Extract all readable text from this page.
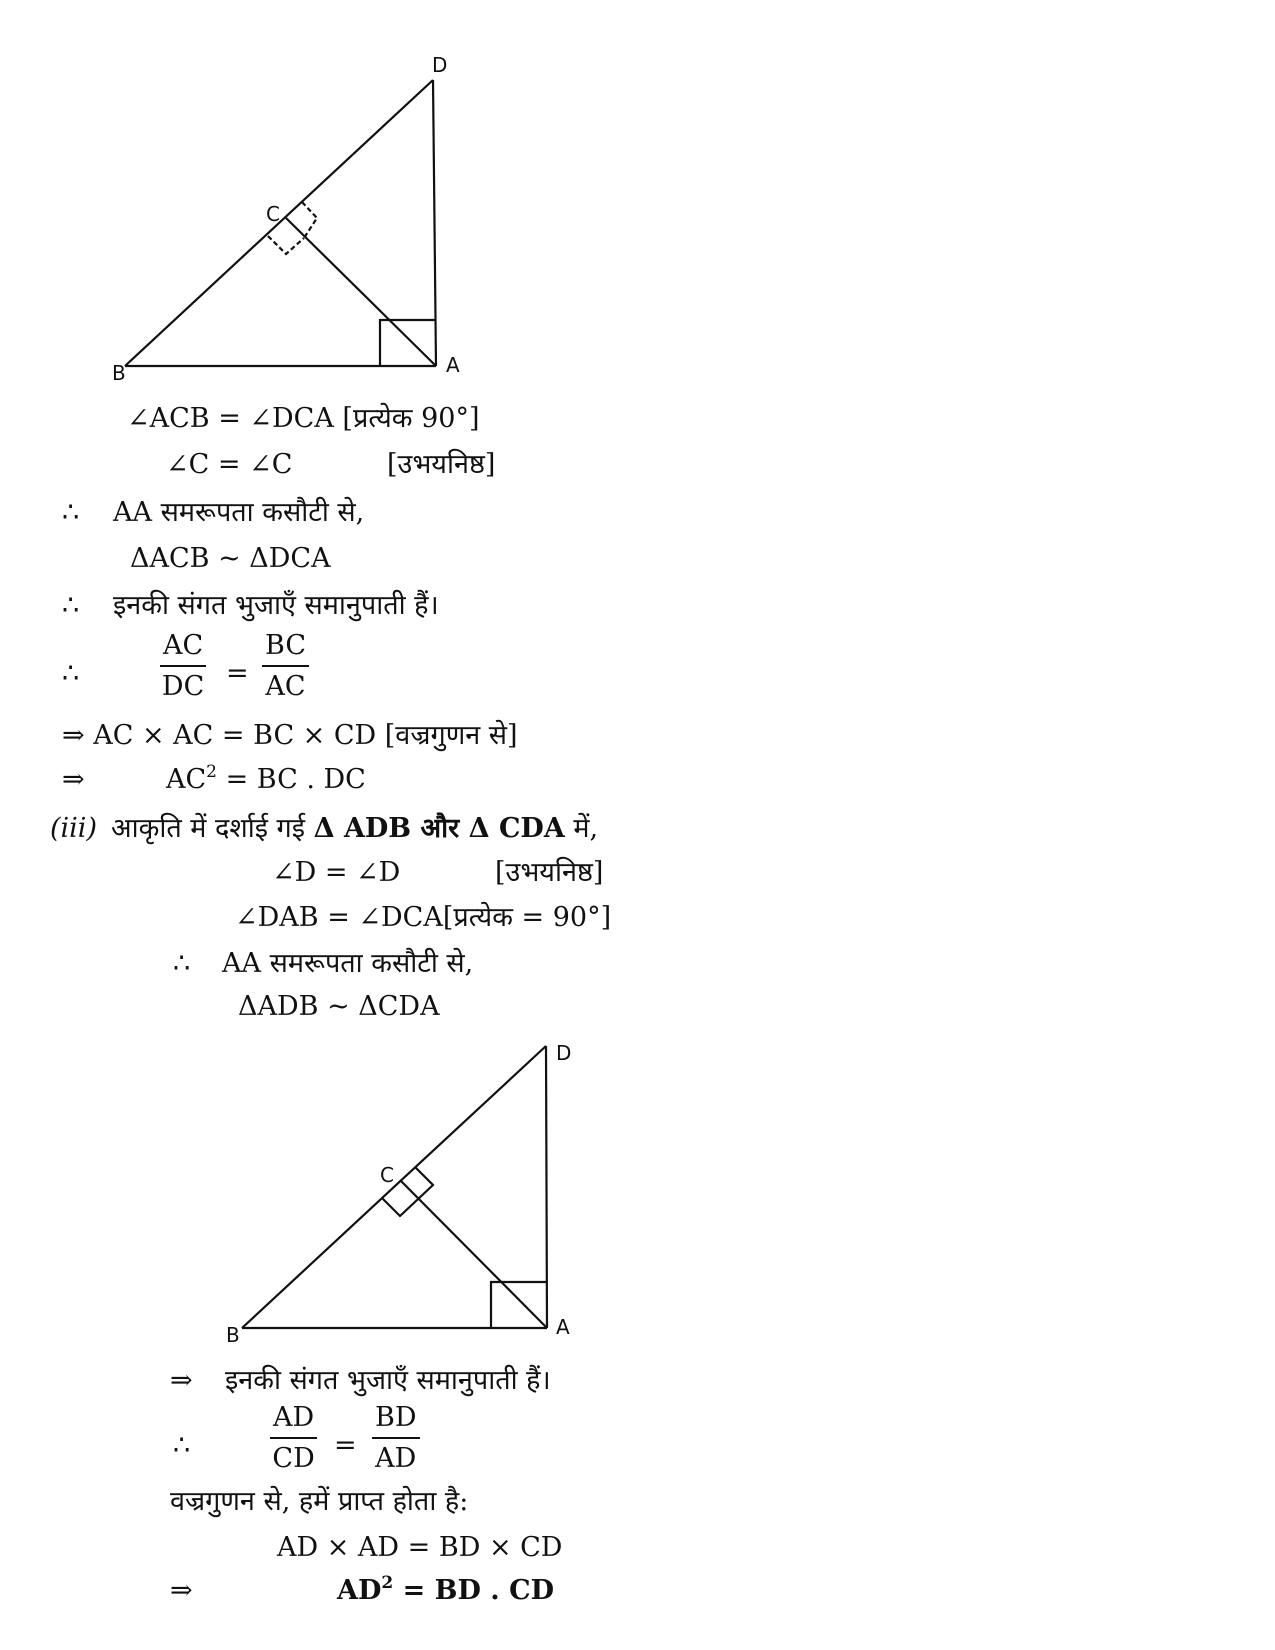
D
C
B	A
D
C
B	A
∠ACB = ∠DCA [प्रत्येक 90°]
∠C = ∠C	[उभयनिष्ठ]
∴ AA समरूपता कसौटी से,
ΔACB ~ ΔDCA
∴ इनकी संगत भुजाएँ समानुपाती हैं।
∴	$\frac{AC}{DC} = \frac{BC}{AC}$
⇒ AC × AC = BC × CD [वज्रगुणन से]
⇒	$AC^2$ = BC . DC
(iii) आकृति में दर्शाई गई Δ ADB और Δ CDA में,
∠D = ∠D	[उभयनिष्ठ]
∠DAB = ∠DCA[प्रत्येक = 90°]
∴ AA समरूपता कसौटी से,
ΔADB ~ ΔCDA
⇒ इनकी संगत भुजाएँ समानुपाती हैं।
∴	$\frac{AD}{CD} = \frac{BD}{AD}$
वज्रगुणन से, हमें प्राप्त होता है:
AD × AD = BD × CD
⇒	$AD^2$ = BD . CD
